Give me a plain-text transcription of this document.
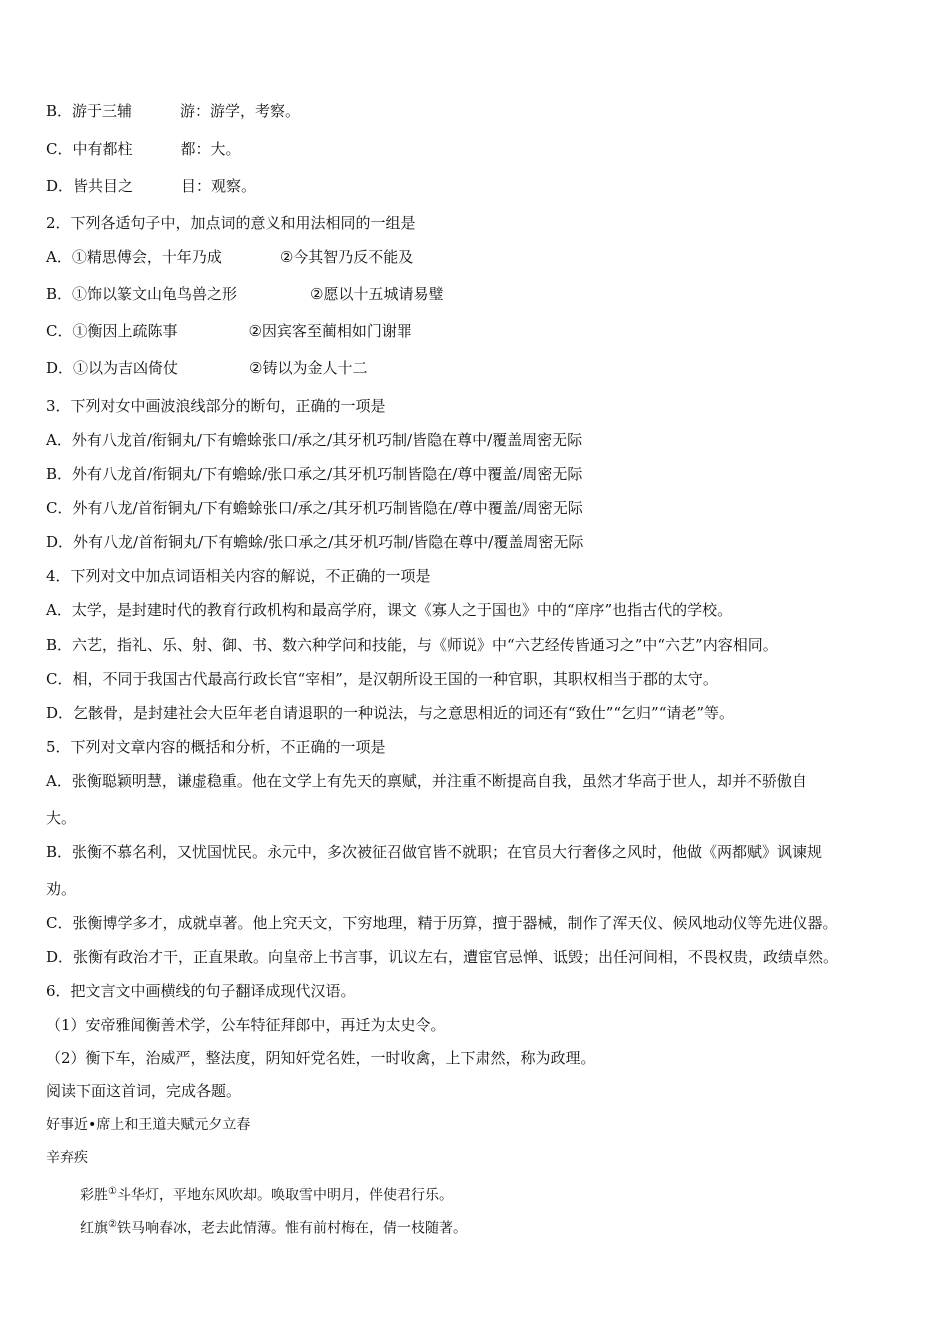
B．游于三辅	游：游学，考察。
C．中有都柱	都：大。
D．皆共目之	目：观察。
2．下列各适句子中，加点词的意义和用法相同的一组是
A．①精思傅会，十年乃成	②今其智乃反不能及
B．①饰以篆文山龟鸟兽之形	②愿以十五城请易璧
C．①衡因上疏陈事	②因宾客至蔺相如门谢罪
D．①以为吉凶倚仗	②铸以为金人十二
3．下列对女中画波浪线部分的断句，正确的一项是
A．外有八龙首/衔铜丸/下有蟾蜍张口/承之/其牙机巧制/皆隐在尊中/覆盖周密无际
B．外有八龙首/衔铜丸/下有蟾蜍/张口承之/其牙机巧制皆隐在/尊中覆盖/周密无际
C．外有八龙/首衔铜丸/下有蟾蜍张口/承之/其牙机巧制皆隐在/尊中覆盖/周密无际
D．外有八龙/首衔铜丸/下有蟾蜍/张口承之/其牙机巧制/皆隐在尊中/覆盖周密无际
4．下列对文中加点词语相关内容的解说，不正确的一项是
A．太学，是封建时代的教育行政机构和最高学府，课文《寡人之于国也》中的“庠序”也指古代的学校。
B．六艺，指礼、乐、射、御、书、数六种学问和技能，与《师说》中“六艺经传皆通习之”中“六艺”内容相同。
C．相，不同于我国古代最高行政长官“宰相”，是汉朝所设王国的一种官职，其职权相当于郡的太守。
D．乞骸骨，是封建社会大臣年老自请退职的一种说法，与之意思相近的词还有“致仕”“乞归”“请老”等。
5．下列对文章内容的概括和分析，不正确的一项是
A．张衡聪颖明慧，谦虚稳重。他在文学上有先天的禀赋，并注重不断提高自我，虽然才华高于世人，却并不骄傲自
大。
B．张衡不慕名利，又忧国忧民。永元中，多次被征召做官皆不就职；在官员大行奢侈之风时，他做《两都赋》讽谏规
劝。
C．张衡博学多才，成就卓著。他上究天文，下穷地理，精于历算，擅于器械，制作了浑天仪、候风地动仪等先进仪器。
D．张衡有政治才干，正直果敢。向皇帝上书言事，讥议左右，遭宦官忌惮、诋毁；出任河间相，不畏权贵，政绩卓然。
6．把文言文中画横线的句子翻译成现代汉语。
（1）安帝雅闻衡善术学，公车特征拜郎中，再迁为太史令。
（2）衡下车，治威严，整法度，阴知奸党名姓，一时收禽，上下肃然，称为政理。
阅读下面这首词，完成各题。
好事近•席上和王道夫赋元夕立春
辛弃疾
彩胜①斗华灯，平地东风吹却。唤取雪中明月，伴使君行乐。
红旗②铁马响春冰，老去此情薄。惟有前村梅在，倩一枝随著。
